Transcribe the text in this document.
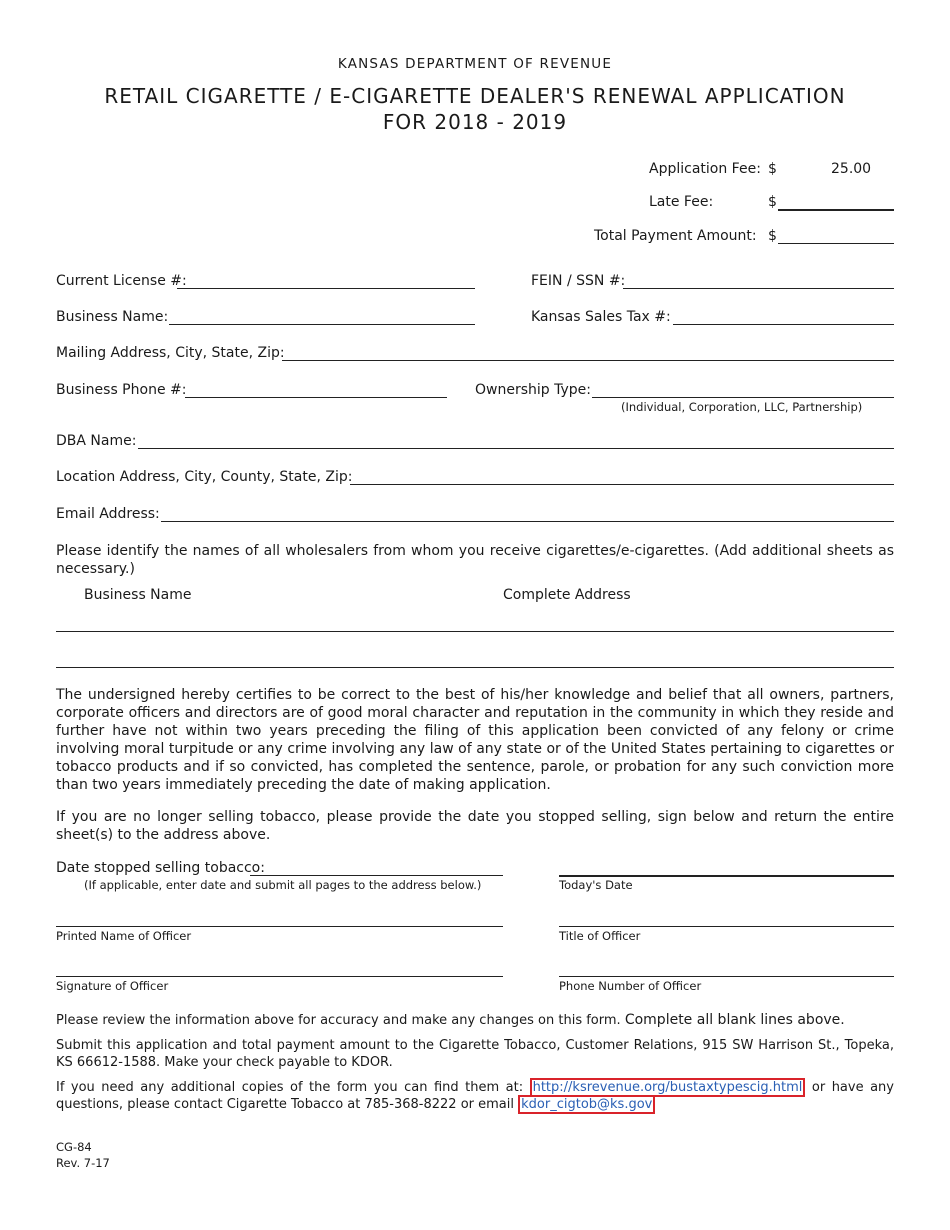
KANSAS DEPARTMENT OF REVENUE
RETAIL CIGARETTE / E-CIGARETTE DEALER'S RENEWAL APPLICATION
FOR 2018 - 2019
Application Fee: $	25.00
Late Fee:	$
Total Payment Amount: $
Current License #:	FEIN / SSN #:
Business Name:	Kansas Sales Tax #:
Mailing Address, City, State, Zip:
Business Phone #:	Ownership Type:
(Individual, Corporation, LLC, Partnership)
DBA Name:
Location Address, City, County, State, Zip:
Email Address:
Please identify the names of all wholesalers from whom you receive cigarettes/e-cigarettes. (Add additional sheets as necessary.)
Business Name	Complete Address
The undersigned hereby certifies to be correct to the best of his/her knowledge and belief that all owners, partners, corporate officers and directors are of good moral character and reputation in the community in which they reside and further have not within two years preceding the filing of this application been convicted of any felony or crime involving moral turpitude or any crime involving any law of any state or of the United States pertaining to cigarettes or tobacco products and if so convicted, has completed the sentence, parole, or probation for any such conviction more than two years immediately preceding the date of making application.
If you are no longer selling tobacco, please provide the date you stopped selling, sign below and return the entire sheet(s) to the address above.
Date stopped selling tobacco:
(If applicable, enter date and submit all pages to the address below.)	Today's Date
Printed Name of Officer	Title of Officer
Signature of Officer	Phone Number of Officer
Please review the information above for accuracy and make any changes on this form. Complete all blank lines above.
Submit this application and total payment amount to the Cigarette Tobacco, Customer Relations, 915 SW Harrison St., Topeka, KS 66612-1588. Make your check payable to KDOR.
If you need any additional copies of the form you can find them at: http://ksrevenue.org/bustaxtypescig.html or have any questions, please contact Cigarette Tobacco at 785-368-8222 or email kdor_cigtob@ks.gov
CG-84
Rev. 7-17
